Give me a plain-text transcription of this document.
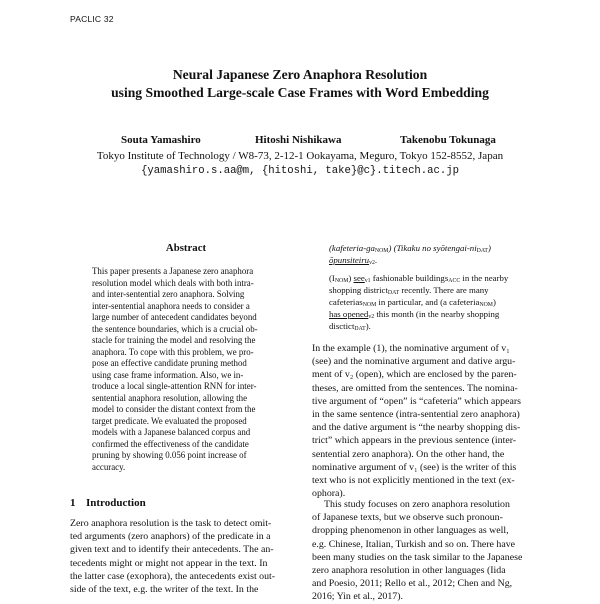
PACLIC 32
Neural Japanese Zero Anaphora Resolution
using Smoothed Large-scale Case Frames with Word Embedding
Souta Yamashiro	Hitoshi Nishikawa	Takenobu Tokunaga
Tokyo Institute of Technology / W8-73, 2-12-1 Ookayama, Meguro, Tokyo 152-8552, Japan
{yamashiro.s.aa@m, {hitoshi, take}@c}.titech.ac.jp
Abstract
This paper presents a Japanese zero anaphora
resolution model which deals with both intra-
and inter-sentential zero anaphora. Solving
inter-sentential anaphora needs to consider a
large number of antecedent candidates beyond
the sentence boundaries, which is a crucial ob-
stacle for training the model and resolving the
anaphora. To cope with this problem, we pro-
pose an effective candidate pruning method
using case frame information. Also, we in-
troduce a local single-attention RNN for inter-
sentential anaphora resolution, allowing the
model to consider the distant context from the
target predicate. We evaluated the proposed
models with a Japanese balanced corpus and
confirmed the effectiveness of the candidate
pruning by showing 0.056 point increase of
accuracy.
1 Introduction
Zero anaphora resolution is the task to detect omit-
ted arguments (zero anaphors) of the predicate in a
given text and to identify their antecedents. The an-
tecedents might or might not appear in the text. In
the latter case (exophora), the antecedents exist out-
side of the text, e.g. the writer of the text. In the
$(kafeteria-ga_{NOM})$ (Tikaku no syōtengai-$ni_{DAT}$)
ōpunsiteiru$_{v2}$.
$(I_{NOM})$ see$_{v1}$ fashionable buildings$_{ACC}$ in the nearby
shopping district$_{DAT}$ recently. There are many
cafeterias$_{NOM}$ in particular, and (a cafeteria$_{NOM}$)
has opened$_{v2}$ this month (in the nearby shopping
disctict$_{DAT}$).
In the example (1), the nominative argument of v₁
(see) and the nominative argument and dative argu-
ment of v₂ (open), which are enclosed by the paren-
theses, are omitted from the sentences. The nomina-
tive argument of “open” is “cafeteria” which appears
in the same sentence (intra-sentential zero anaphora)
and the dative argument is “the nearby shopping dis-
trict” which appears in the previous sentence (inter-
sentential zero anaphora). On the other hand, the
nominative argument of v₁ (see) is the writer of this
text who is not explicitly mentioned in the text (ex-
ophora).
This study focuses on zero anaphora resolution
of Japanese texts, but we observe such pronoun-
dropping phenomenon in other languages as well,
e.g. Chinese, Italian, Turkish and so on. There have
been many studies on the task similar to the Japanese
zero anaphora resolution in other languages (Iida
and Poesio, 2011; Rello et al., 2012; Chen and Ng,
2016; Yin et al., 2017).
